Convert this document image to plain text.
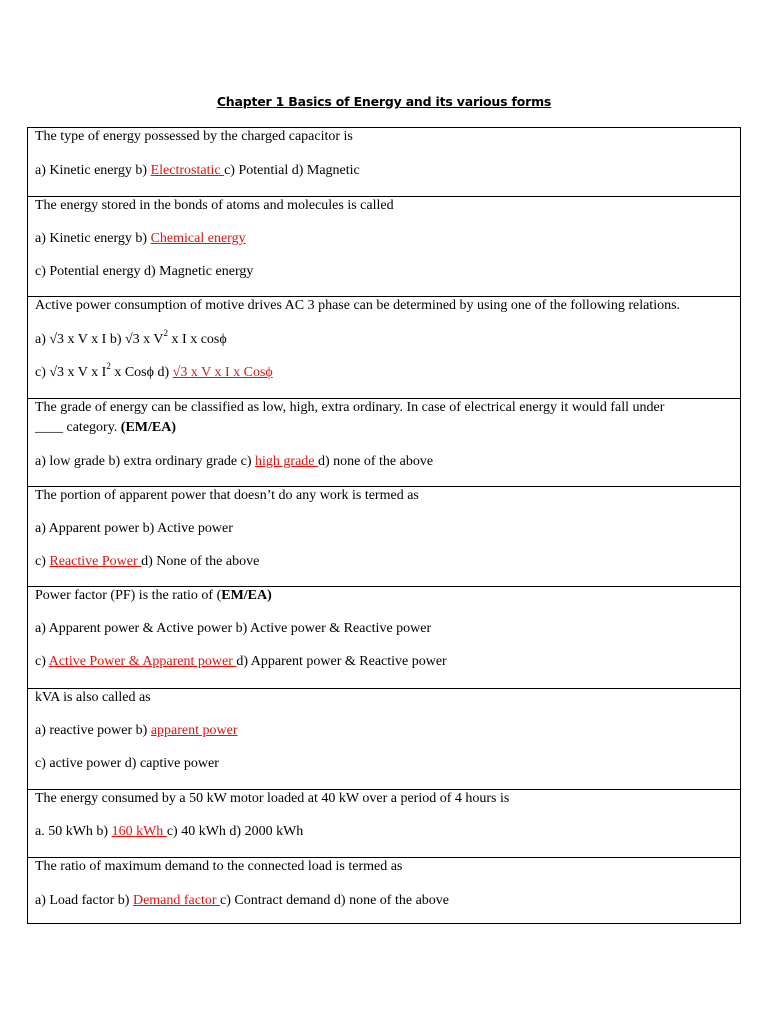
Chapter 1 Basics of Energy and its various forms
The type of energy possessed by the charged capacitor is
a) Kinetic energy b) Electrostatic c) Potential d) Magnetic
The energy stored in the bonds of atoms and molecules is called
a) Kinetic energy b) Chemical energy
c) Potential energy d) Magnetic energy
Active power consumption of motive drives AC 3 phase can be determined by using one of the following relations.
a) √3 x V x I b) √3 x $V^2$ x I x cosϕ
c) √3 x V x $I^2$ x Cosϕ d) √3 x V x I x Cosϕ
The grade of energy can be classified as low, high, extra ordinary. In case of electrical energy it would fall under
____ category. (EM/EA)
a) low grade b) extra ordinary grade c) high grade d) none of the above
The portion of apparent power that doesn’t do any work is termed as
a) Apparent power b) Active power
c) Reactive Power d) None of the above
Power factor (PF) is the ratio of (EM/EA)
a) Apparent power & Active power b) Active power & Reactive power
c) Active Power & Apparent power d) Apparent power & Reactive power
kVA is also called as
a) reactive power b) apparent power
c) active power d) captive power
The energy consumed by a 50 kW motor loaded at 40 kW over a period of 4 hours is
a. 50 kWh b) 160 kWh c) 40 kWh d) 2000 kWh
The ratio of maximum demand to the connected load is termed as
a) Load factor b) Demand factor c) Contract demand d) none of the above
